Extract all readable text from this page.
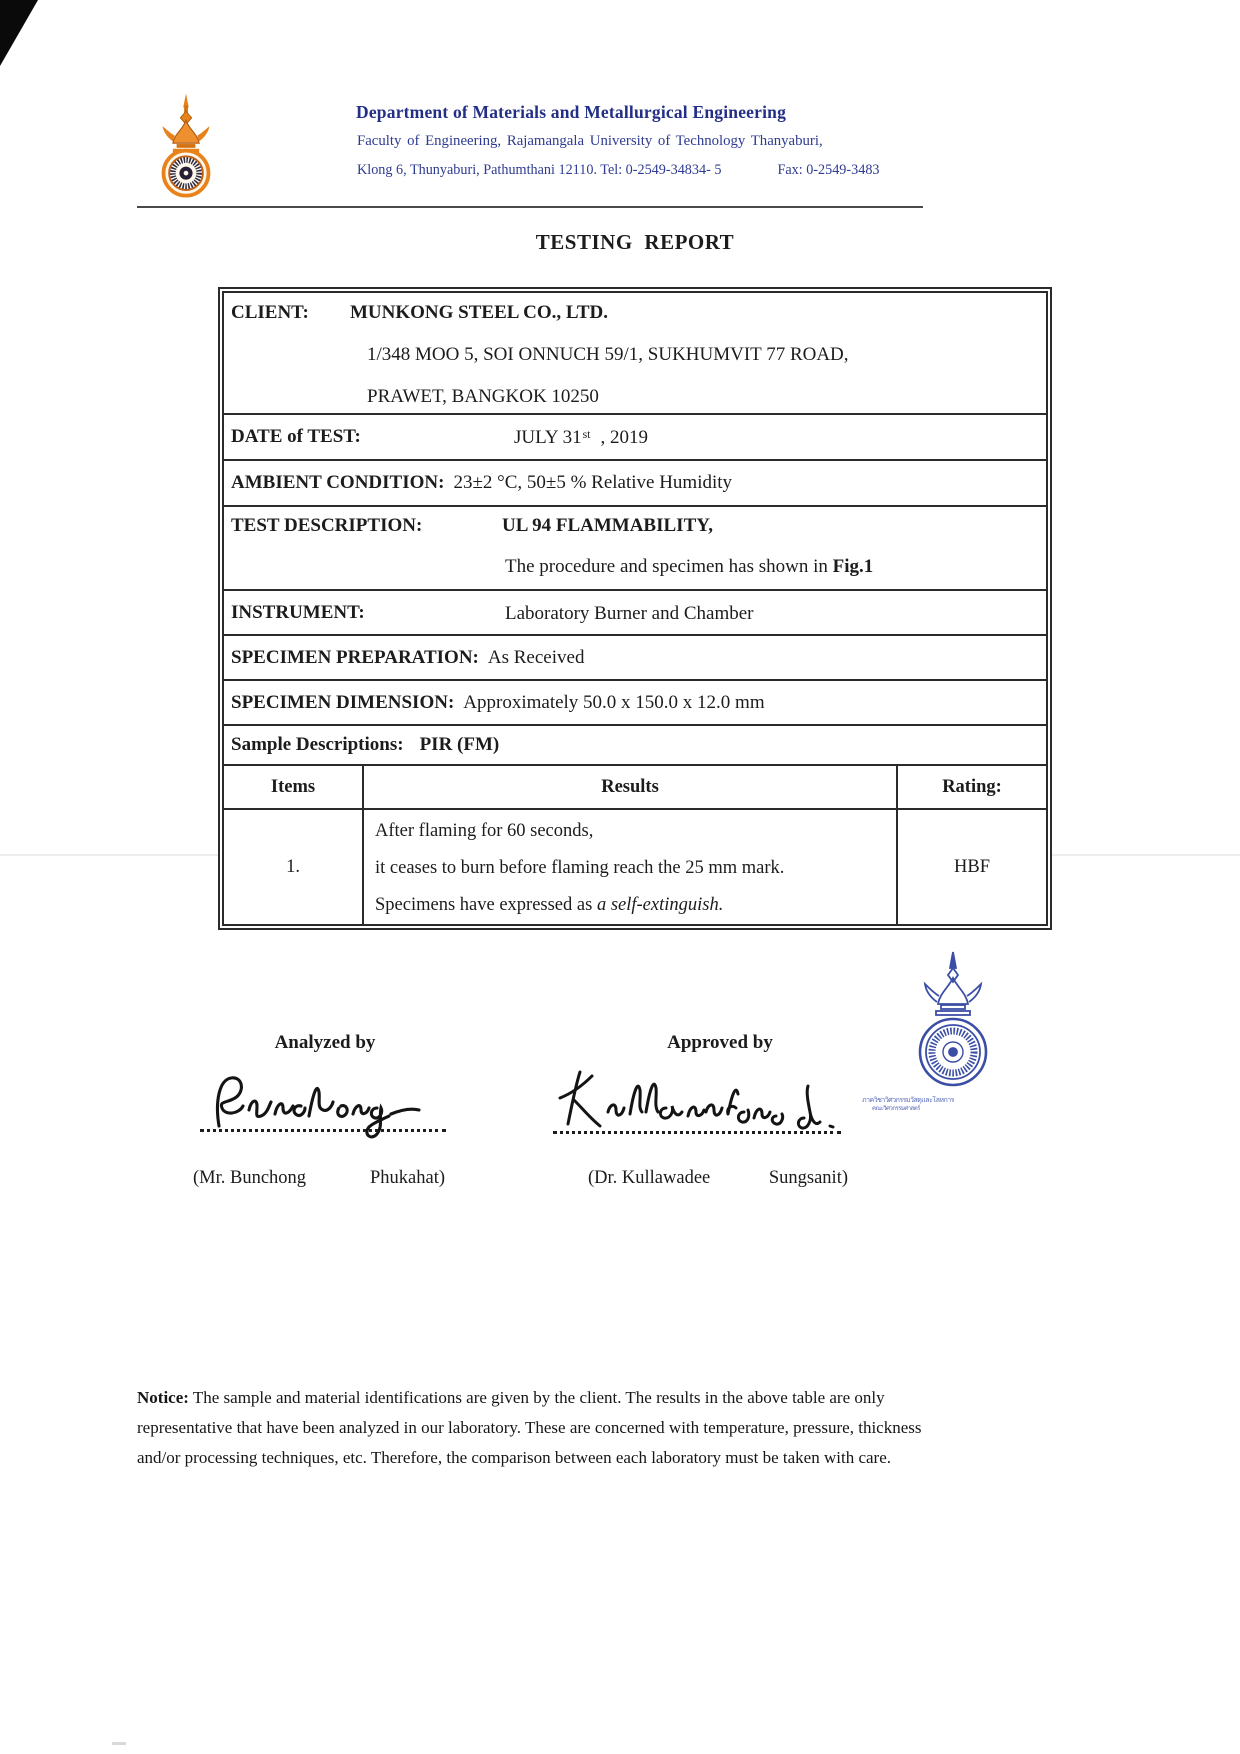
Department of Materials and Metallurgical Engineering
Faculty of Engineering, Rajamangala University of Technology Thanyaburi,
Klong 6, Thunyaburi, Pathumthani 12110. Tel: 0-2549-34834- 5	Fax: 0-2549-3483
TESTING REPORT
CLIENT: MUNKONG STEEL CO., LTD.
1/348 MOO 5, SOI ONNUCH 59/1, SUKHUMVIT 77 ROAD,
PRAWET, BANGKOK 10250
DATE of TEST:	JULY 31 st , 2019
AMBIENT CONDITION: 23±2 °C, 50±5 % Relative Humidity
TEST DESCRIPTION:	UL 94 FLAMMABILITY,
The procedure and specimen has shown in Fig.1
INSTRUMENT:	Laboratory Burner and Chamber
SPECIMEN PREPARATION: As Received
SPECIMEN DIMENSION: Approximately 50.0 x 150.0 x 12.0 mm
Sample Descriptions: PIR (FM)
Items	Results	Rating:
1.
After flaming for 60 seconds,
it ceases to burn before flaming reach the 25 mm mark.
Specimens have expressed as a self-extinguish.
HBF
Analyzed by	Approved by
(Mr. Bunchong	Phukahat)	(Dr. Kullawadee	Sungsanit)
ภาควิชาวิศวกรรมวัสดุและโลหการ
คณะวิศวกรรมศาสตร์
Notice: The sample and material identifications are given by the client. The results in the above table are only
representative that have been analyzed in our laboratory. These are concerned with temperature, pressure, thickness
and/or processing techniques, etc. Therefore, the comparison between each laboratory must be taken with care.
